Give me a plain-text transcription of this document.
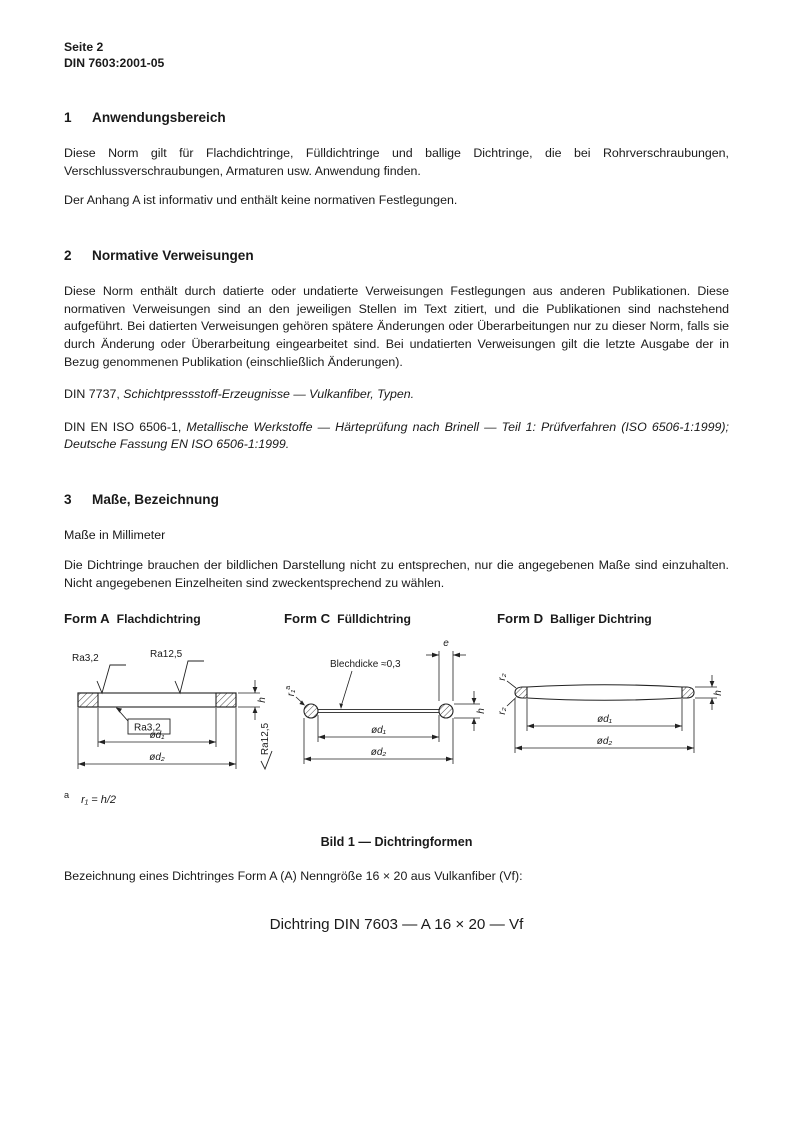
Seite 2
DIN 7603:2001-05
1 Anwendungsbereich

Diese Norm gilt für Flachdichtringe, Fülldichtringe und ballige Dichtringe, die bei Rohrverschraubungen, Verschlussverschraubungen, Armaturen usw. Anwendung finden.

Der Anhang A ist informativ und enthält keine normativen Festlegungen.

2 Normative Verweisungen

Diese Norm enthält durch datierte oder undatierte Verweisungen Festlegungen aus anderen Publikationen. Diese normativen Verweisungen sind an den jeweiligen Stellen im Text zitiert, und die Publikationen sind nachstehend aufgeführt. Bei datierten Verweisungen gehören spätere Änderungen oder Überarbeitungen nur zu dieser Norm, falls sie durch Änderung oder Überarbeitung eingearbeitet sind. Bei undatierten Verweisungen gilt die letzte Ausgabe der in Bezug genommenen Publikation (einschließlich Änderungen).

DIN 7737, Schichtpressstoff-Erzeugnisse — Vulkanfiber, Typen.

DIN EN ISO 6506-1, Metallische Werkstoffe — Härteprüfung nach Brinell — Teil 1: Prüfverfahren (ISO 6506-1:1999); Deutsche Fassung EN ISO 6506-1:1999.

3 Maße, Bezeichnung

Maße in Millimeter

Die Dichtringe brauchen der bildlichen Darstellung nicht zu entsprechen, nur die angegebenen Maße sind einzuhalten. Nicht angegebenen Einzelheiten sind zweckentsprechend zu wählen.

Form A Flachdichtring
Ra3,2	Ra12,5
Ra3,2
ød₁
ød₂
h
Ra12,5
Form C Fülldichtring
Blechdicke ≈0,3
e
r₁$^a$
ød₁
ød₂
h
Form D Balliger Dichtring
r₂
r₂
ød₁
ød₂
h
$^a$ r₁ = h/2
Bild 1 — Dichtringformen

Bezeichnung eines Dichtringes Form A (A) Nenngröße 16 × 20 aus Vulkanfiber (Vf):

Dichtring DIN 7603 — A 16 × 20 — Vf
